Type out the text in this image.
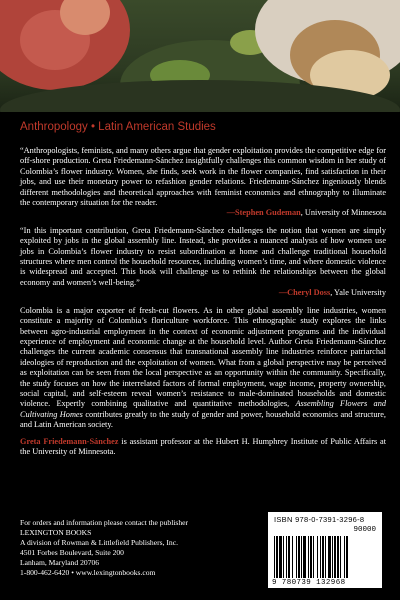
Anthropology • Latin American Studies

“Anthropologists, feminists, and many others argue that gender exploitation provides the competitive edge for off-shore production. Greta Friedemann-Sánchez insightfully challenges this common wisdom in her study of Colombia’s flower industry. Women, she finds, seek work in the flower companies, find satisfaction in their jobs, and use their monetary power to refashion gender relations. Friedemann-Sánchez ingeniously blends different methodologies and theoretical approaches with feminist economics and ethnography to illuminate the contemporary situation for the reader.
—Stephen Gudeman, University of Minnesota

“In this important contribution, Greta Friedemann-Sánchez challenges the notion that women are simply exploited by jobs in the global assembly line. Instead, she provides a nuanced analysis of how women use jobs in Colombia’s flower industry to resist subordination at home and challenge traditional household structures where men control the household resources, including women’s time, and where domestic violence is widespread and accepted. This book will challenge us to rethink the relationships between the global economy and women’s well-being.”
—Cheryl Doss, Yale University

Colombia is a major exporter of fresh-cut flowers. As in other global assembly line industries, women constitute a majority of Colombia’s floriculture workforce. This ethnographic study explores the links between agro-industrial employment in the context of economic adjustment programs and the individual experience of employment and economic change at the household level. Author Greta Friedemann-Sánchez challenges the current academic consensus that transnational assembly line industries reinforce patriarchal ideologies of reproduction and the exploitation of women. What from a global perspective may be perceived as exploitation can be seen from the local perspective as an opportunity within the community. Specifically, the study focuses on how the interrelated factors of formal employment, wage income, property ownership, social capital, and self-esteem reveal women’s resistance to male-dominated households and domestic violence. Expertly combining qualitative and quantitative methodologies, Assembling Flowers and Cultivating Homes contributes greatly to the study of gender and power, household economics and structure, and Latin American society.

Greta Friedemann-Sánchez is assistant professor at the Hubert H. Humphrey Institute of Public Affairs at the University of Minnesota.

For orders and information please contact the publisher
LEXINGTON BOOKS
A division of Rowman & Littlefield Publishers, Inc.
4501 Forbes Boulevard, Suite 200
Lanham, Maryland 20706
1-800-462-6420 • www.lexingtonbooks.com
ISBN 978-0-7391-3296-8
90000
9 780739 132968
